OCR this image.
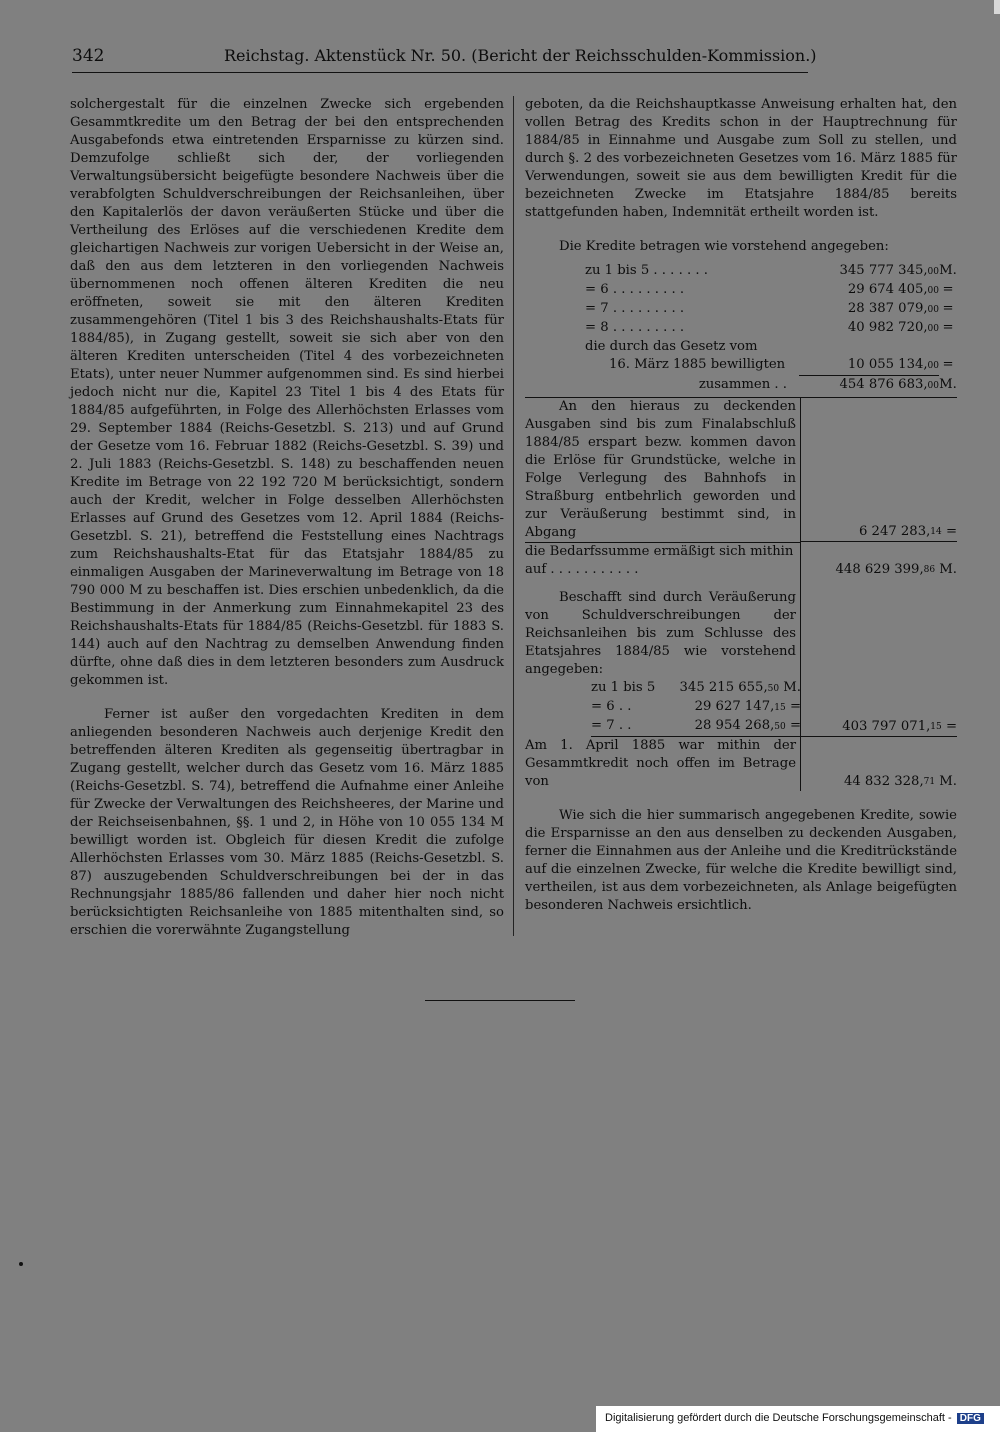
342	Reichstag. Aktenstück Nr. 50. (Bericht der Reichsschulden-Kommission.)

solchergestalt für die einzelnen Zwecke sich ergebenden Gesammtkredite um den Betrag der bei den entsprechenden Ausgabefonds etwa eintretenden Ersparnisse zu kürzen sind. Demzufolge schließt sich der, der vorliegenden Verwaltungsübersicht beigefügte besondere Nachweis über die verabfolgten Schuldverschreibungen der Reichsanleihen, über den Kapitalerlös der davon veräußerten Stücke und über die Vertheilung des Erlöses auf die verschiedenen Kredite dem gleichartigen Nachweis zur vorigen Uebersicht in der Weise an, daß den aus dem letzteren in den vorliegenden Nachweis übernommenen noch offenen älteren Krediten die neu eröffneten, soweit sie mit den älteren Krediten zusammengehören (Titel 1 bis 3 des Reichshaushalts-Etats für 1884/85), in Zugang gestellt, soweit sie sich aber von den älteren Krediten unterscheiden (Titel 4 des vorbezeichneten Etats), unter neuer Nummer aufgenommen sind. Es sind hierbei jedoch nicht nur die, Kapitel 23 Titel 1 bis 4 des Etats für 1884/85 aufgeführten, in Folge des Allerhöchsten Erlasses vom 29. September 1884 (Reichs-Gesetzbl. S. 213) und auf Grund der Gesetze vom 16. Februar 1882 (Reichs-Gesetzbl. S. 39) und 2. Juli 1883 (Reichs-Gesetzbl. S. 148) zu beschaffenden neuen Kredite im Betrage von 22 192 720 M berücksichtigt, sondern auch der Kredit, welcher in Folge desselben Allerhöchsten Erlasses auf Grund des Gesetzes vom 12. April 1884 (Reichs-Gesetzbl. S. 21), betreffend die Feststellung eines Nachtrags zum Reichshaushalts-Etat für das Etatsjahr 1884/85 zu einmaligen Ausgaben der Marineverwaltung im Betrage von 18 790 000 M zu beschaffen ist. Dies erschien unbedenklich, da die Bestimmung in der Anmerkung zum Einnahmekapitel 23 des Reichshaushalts-Etats für 1884/85 (Reichs-Gesetzbl. für 1883 S. 144) auch auf den Nachtrag zu demselben Anwendung finden dürfte, ohne daß dies in dem letzteren besonders zum Ausdruck gekommen ist.

Ferner ist außer den vorgedachten Krediten in dem anliegenden besonderen Nachweis auch derjenige Kredit den betreffenden älteren Krediten als gegenseitig übertragbar in Zugang gestellt, welcher durch das Gesetz vom 16. März 1885 (Reichs-Gesetzbl. S. 74), betreffend die Aufnahme einer Anleihe für Zwecke der Verwaltungen des Reichsheeres, der Marine und der Reichseisenbahnen, §§. 1 und 2, in Höhe von 10 055 134 M bewilligt worden ist. Obgleich für diesen Kredit die zufolge Allerhöchsten Erlasses vom 30. März 1885 (Reichs-Gesetzbl. S. 87) auszugebenden Schuldverschreibungen bei der in das Rechnungsjahr 1885/86 fallenden und daher hier noch nicht berücksichtigten Reichsanleihe von 1885 mitenthalten sind, so erschien die vorerwähnte Zugangstellung

geboten, da die Reichshauptkasse Anweisung erhalten hat, den vollen Betrag des Kredits schon in der Hauptrechnung für 1884/85 in Einnahme und Ausgabe zum Soll zu stellen, und durch §. 2 des vorbezeichneten Gesetzes vom 16. März 1885 für Verwendungen, soweit sie aus dem bewilligten Kredit für die bezeichneten Zwecke im Etatsjahre 1884/85 bereits stattgefunden haben, Indemnität ertheilt worden ist.

Die Kredite betragen wie vorstehend angegeben:

zu 1 bis 5 . . . . . . .	345 777 345,00 M.
= 6 . . . . . . . . .	29 674 405,00 =
= 7 . . . . . . . . .	28 387 079,00 =
= 8 . . . . . . . . .	40 982 720,00 =
die durch das Gesetz vom
16. März 1885 bewilligten	10 055 134,00 =
zusammen . .	454 876 683,00 M.
An den hieraus zu deckenden Ausgaben sind bis zum Finalabschluß 1884/85 erspart bezw. kommen davon die Erlöse für Grundstücke, welche in Folge Verlegung des Bahnhofs in Straßburg entbehrlich geworden und zur Veräußerung bestimmt sind, in Abgang	6 247 283, 14
=
die Bedarfssumme ermäßigt sich mithin
auf . . . . . . . . . . .	448 629 399, 86
M.

Beschafft sind durch Veräußerung von Schuldverschreibungen der Reichsanleihen bis zum Schlusse des Etatsjahres 1884/85 wie vorstehend angegeben:

zu 1 bis 5	345 215 655,50 M.
= 6 . .	29 627 147,15 =
= 7 . .	28 954 268,50 =	403 797 071, 15
=
Am 1. April 1885 war mithin der Gesammtkredit noch offen im Betrage von	44 832 328, 71
M.

Wie sich die hier summarisch angegebenen Kredite, sowie die Ersparnisse an den aus denselben zu deckenden Ausgaben, ferner die Einnahmen aus der Anleihe und die Kreditrückstände auf die einzelnen Zwecke, für welche die Kredite bewilligt sind, vertheilen, ist aus dem vorbezeichneten, als Anlage beigefügten besonderen Nachweis ersichtlich.

Digitalisierung gefördert durch die Deutsche Forschungsgemeinschaft - DFG
